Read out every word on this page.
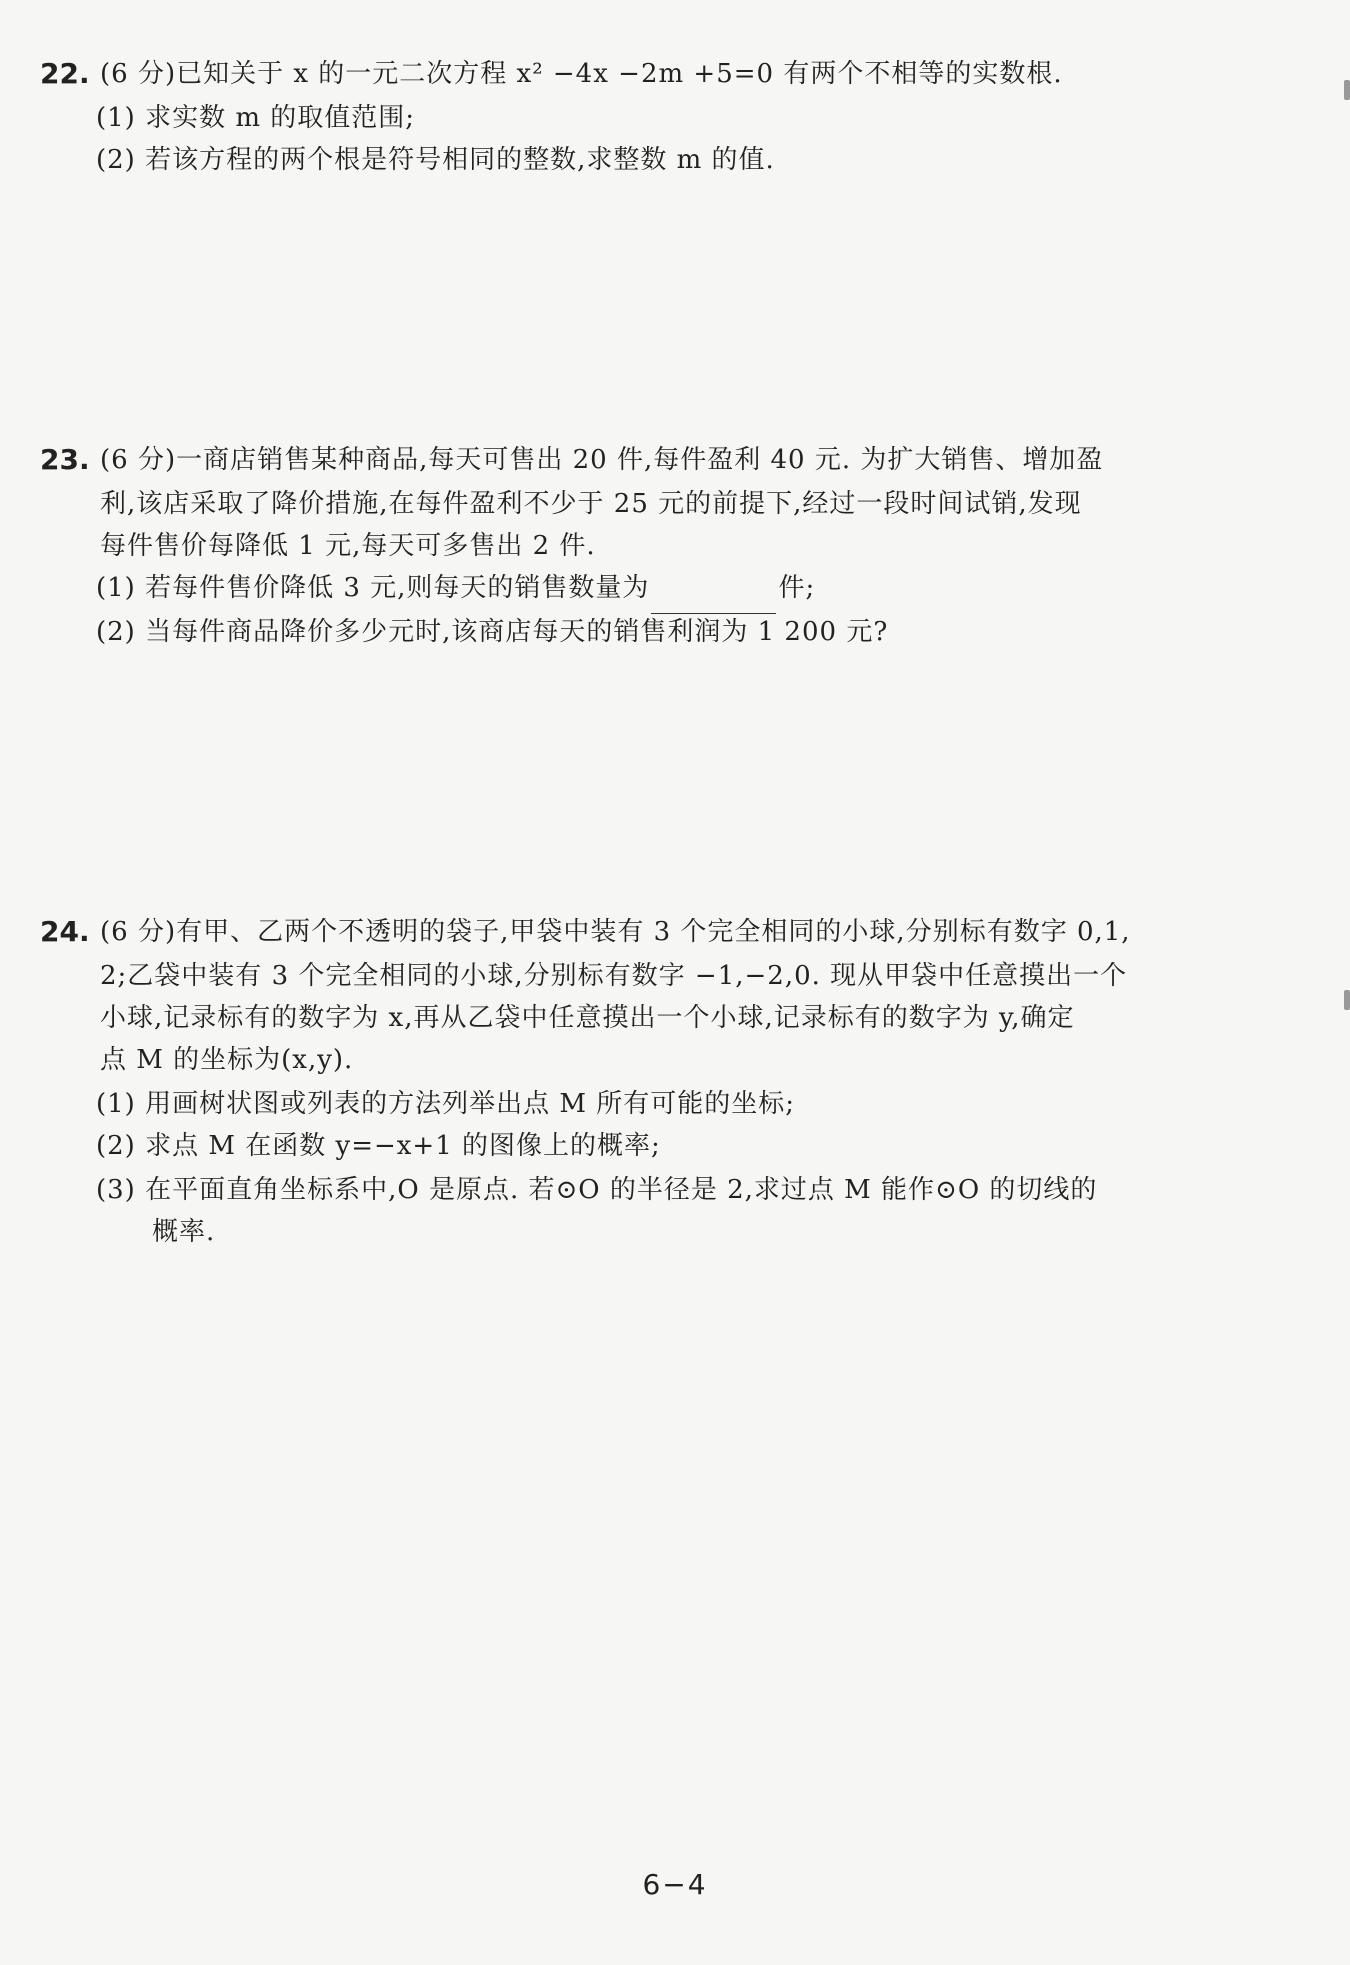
22. (6 分)已知关于 x 的一元二次方程 x² −4x −2m +5=0 有两个不相等的实数根.
(1) 求实数 m 的取值范围;
(2) 若该方程的两个根是符号相同的整数,求整数 m 的值.
23. (6 分)一商店销售某种商品,每天可售出 20 件,每件盈利 40 元. 为扩大销售、增加盈
利,该店采取了降价措施,在每件盈利不少于 25 元的前提下,经过一段时间试销,发现
每件售价每降低 1 元,每天可多售出 2 件.
(1) 若每件售价降低 3 元,则每天的销售数量为	件;
(2) 当每件商品降价多少元时,该商店每天的销售利润为 1 200 元?
24. (6 分)有甲、乙两个不透明的袋子,甲袋中装有 3 个完全相同的小球,分别标有数字 0,1,
2;乙袋中装有 3 个完全相同的小球,分别标有数字 −1,−2,0. 现从甲袋中任意摸出一个
小球,记录标有的数字为 x,再从乙袋中任意摸出一个小球,记录标有的数字为 y,确定
点 M 的坐标为(x,y).
(1) 用画树状图或列表的方法列举出点 M 所有可能的坐标;
(2) 求点 M 在函数 y=−x+1 的图像上的概率;
(3) 在平面直角坐标系中,O 是原点. 若⊙O 的半径是 2,求过点 M 能作⊙O 的切线的
概率.
6−4
